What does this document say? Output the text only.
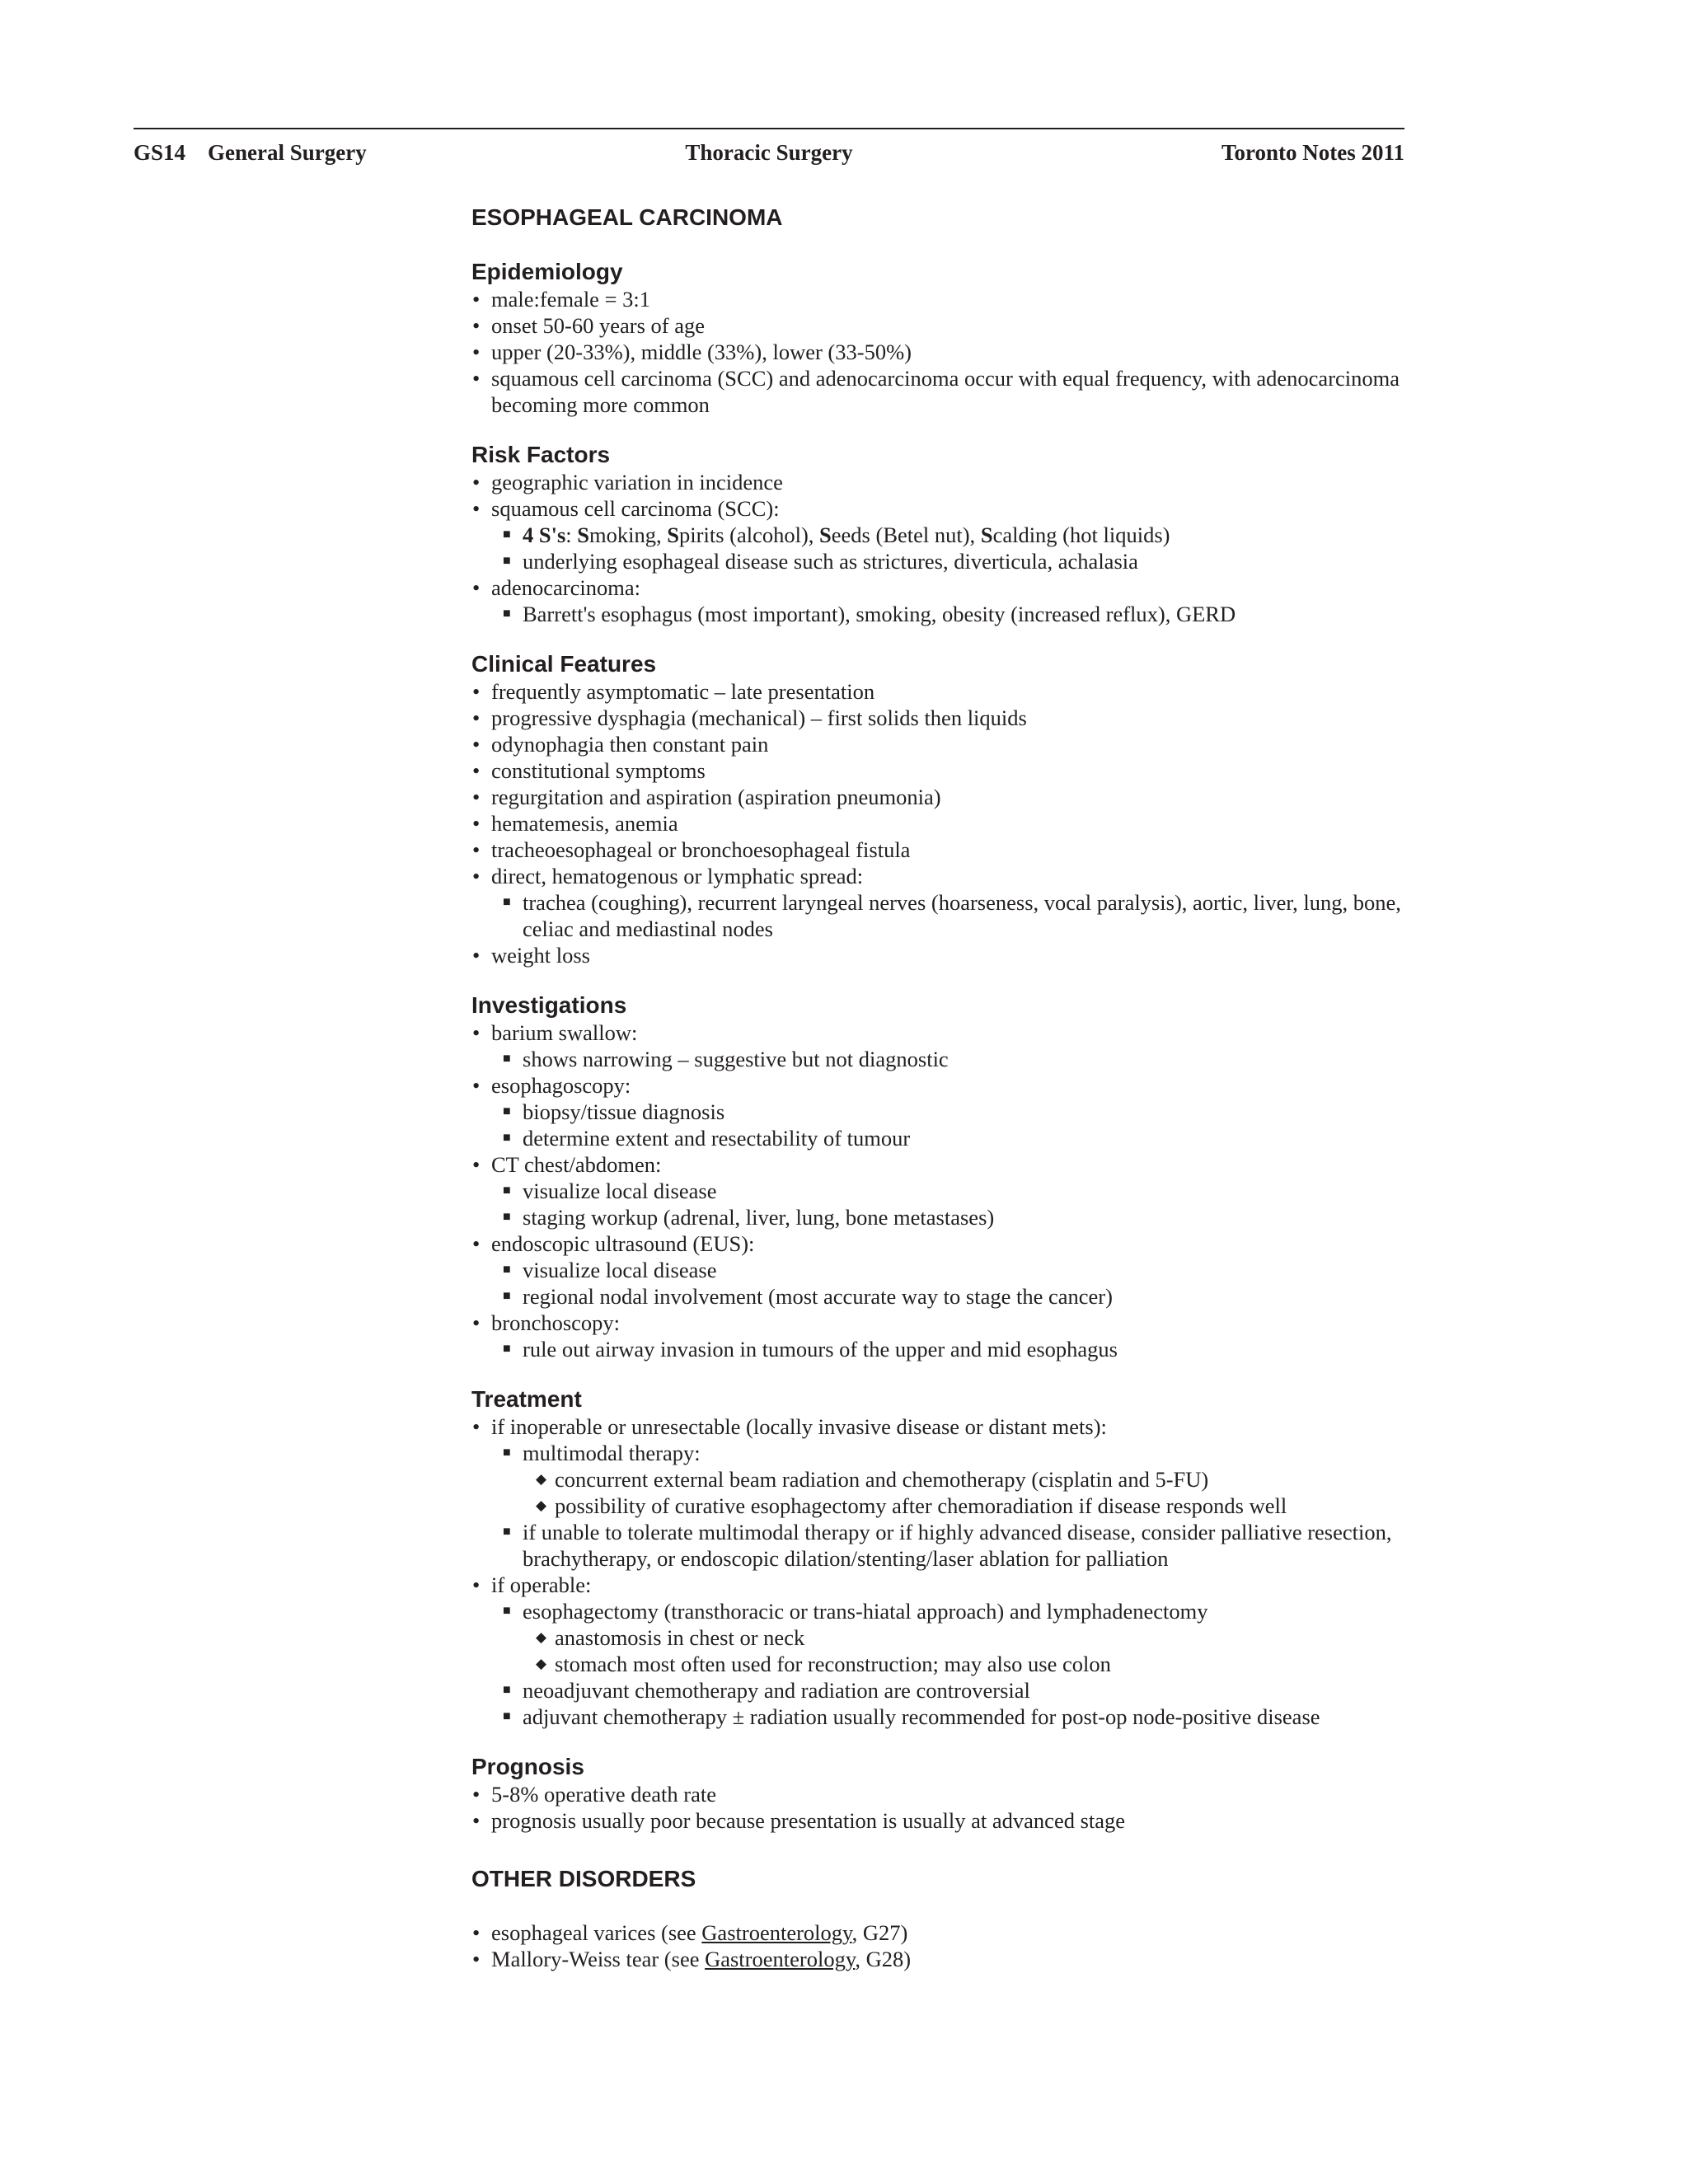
GS14 General Surgery	Thoracic Surgery	Toronto Notes 2011
ESOPHAGEAL CARCINOMA
Epidemiology
• male:female = 3:1
• onset 50-60 years of age
• upper (20-33%), middle (33%), lower (33-50%)
• squamous cell carcinoma (SCC) and adenocarcinoma occur with equal frequency, with adenocarcinoma becoming more common
Risk Factors
• geographic variation in incidence
• squamous cell carcinoma (SCC):
■ 4 S's: Smoking, Spirits (alcohol), Seeds (Betel nut), Scalding (hot liquids)
■ underlying esophageal disease such as strictures, diverticula, achalasia
• adenocarcinoma:
■ Barrett's esophagus (most important), smoking, obesity (increased reflux), GERD
Clinical Features
• frequently asymptomatic – late presentation
• progressive dysphagia (mechanical) – first solids then liquids
• odynophagia then constant pain
• constitutional symptoms
• regurgitation and aspiration (aspiration pneumonia)
• hematemesis, anemia
• tracheoesophageal or bronchoesophageal fistula
• direct, hematogenous or lymphatic spread:
■ trachea (coughing), recurrent laryngeal nerves (hoarseness, vocal paralysis), aortic, liver, lung, bone, celiac and mediastinal nodes
• weight loss
Investigations
• barium swallow:
■ shows narrowing – suggestive but not diagnostic
• esophagoscopy:
■ biopsy/tissue diagnosis
■ determine extent and resectability of tumour
• CT chest/abdomen:
■ visualize local disease
■ staging workup (adrenal, liver, lung, bone metastases)
• endoscopic ultrasound (EUS):
■ visualize local disease
■ regional nodal involvement (most accurate way to stage the cancer)
• bronchoscopy:
■ rule out airway invasion in tumours of the upper and mid esophagus
Treatment
• if inoperable or unresectable (locally invasive disease or distant mets):
■ multimodal therapy:
◆ concurrent external beam radiation and chemotherapy (cisplatin and 5-FU)
◆ possibility of curative esophagectomy after chemoradiation if disease responds well
■ if unable to tolerate multimodal therapy or if highly advanced disease, consider palliative resection, brachytherapy, or endoscopic dilation/stenting/laser ablation for palliation
• if operable:
■ esophagectomy (transthoracic or trans-hiatal approach) and lymphadenectomy
◆ anastomosis in chest or neck
◆ stomach most often used for reconstruction; may also use colon
■ neoadjuvant chemotherapy and radiation are controversial
■ adjuvant chemotherapy ± radiation usually recommended for post-op node-positive disease
Prognosis
• 5-8% operative death rate
• prognosis usually poor because presentation is usually at advanced stage
OTHER DISORDERS
• esophageal varices (see Gastroenterology, G27)
• Mallory-Weiss tear (see Gastroenterology, G28)
